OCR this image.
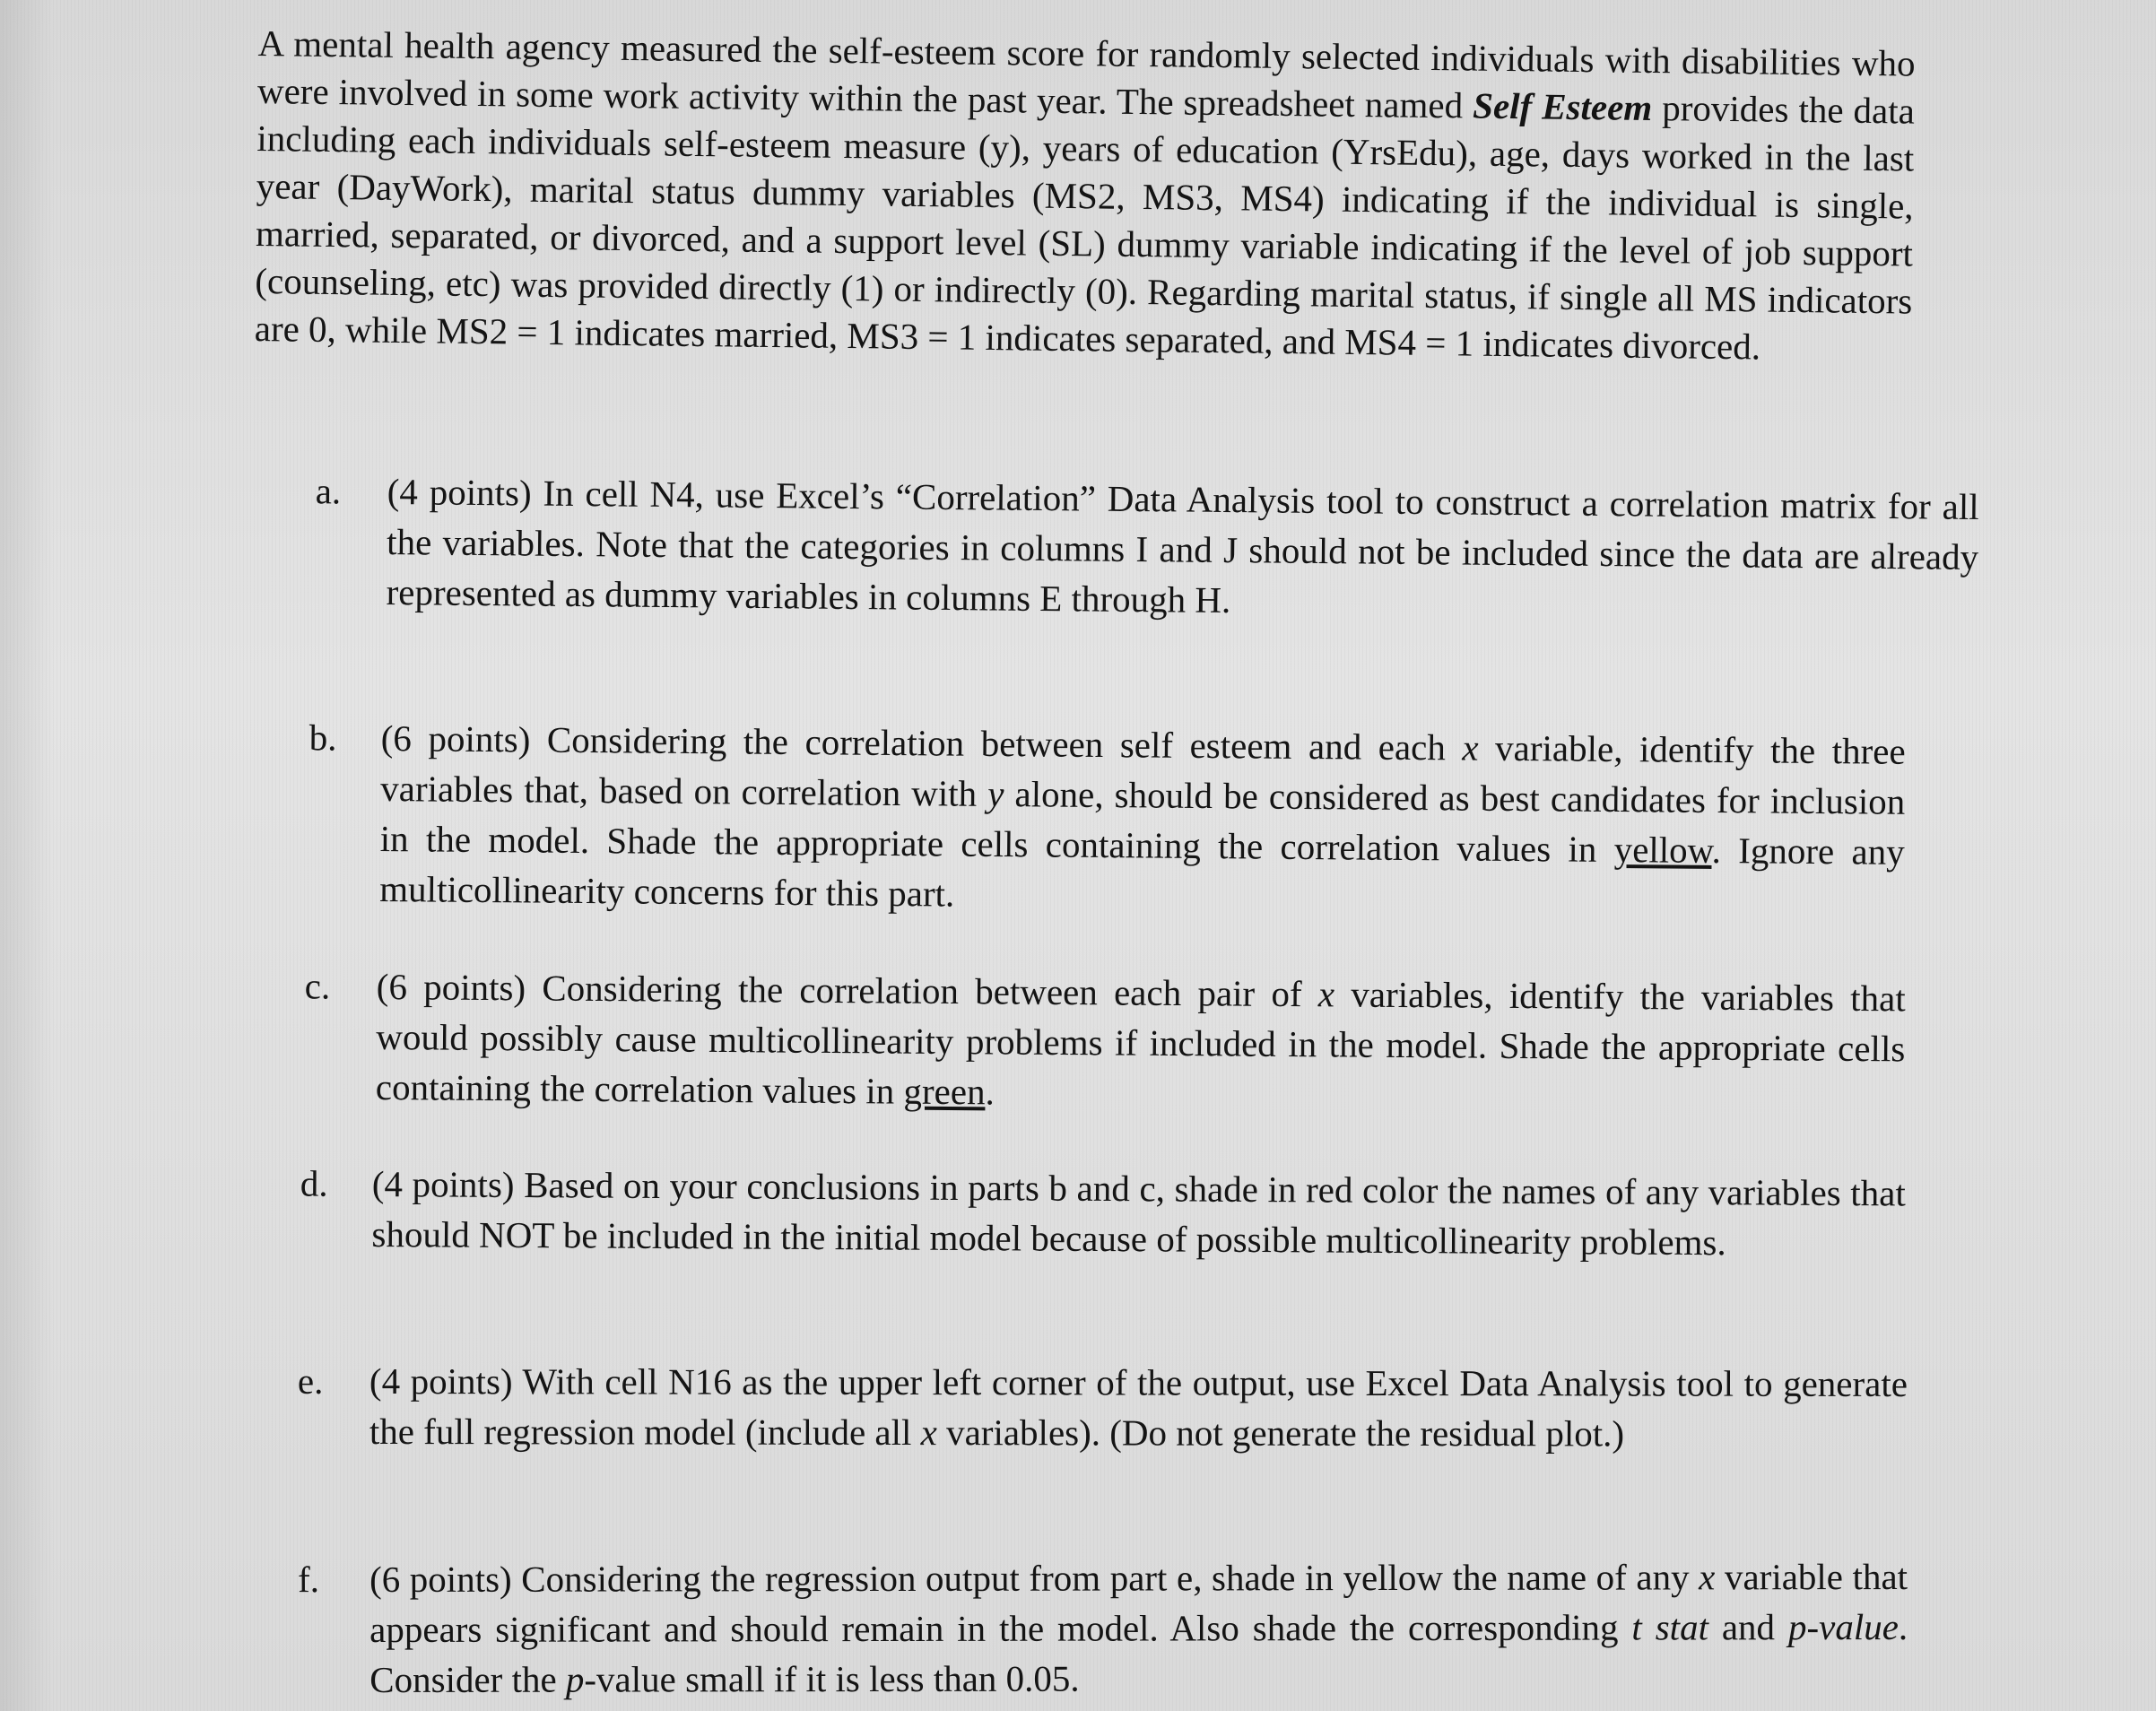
A mental health agency measured the self-esteem score for randomly selected individuals with disabilities who were involved in some work activity within the past year. The spreadsheet named Self Esteem provides the data including each individuals self-esteem measure (y), years of education (YrsEdu), age, days worked in the last year (DayWork), marital status dummy variables (MS2, MS3, MS4) indicating if the individual is single, married, separated, or divorced, and a support level (SL) dummy variable indicating if the level of job support (counseling, etc) was provided directly (1) or indirectly (0). Regarding marital status, if single all MS indicators are 0, while MS2 = 1 indicates married, MS3 = 1 indicates separated, and MS4 = 1 indicates divorced.
a.	(4 points) In cell N4, use Excel’s “Correlation” Data Analysis tool to construct a correlation matrix for all the variables. Note that the categories in columns I and J should not be included since the data are already represented as dummy variables in columns E through H.
b.	(6 points) Considering the correlation between self esteem and each x variable, identify the three variables that, based on correlation with y alone, should be considered as best candidates for inclusion in the model. Shade the appropriate cells containing the correlation values in yellow. Ignore any multicollinearity concerns for this part.
c.	(6 points) Considering the correlation between each pair of x variables, identify the variables that would possibly cause multicollinearity problems if included in the model. Shade the appropriate cells containing the correlation values in green.
d.	(4 points) Based on your conclusions in parts b and c, shade in red color the names of any variables that should NOT be included in the initial model because of possible multicollinearity problems.
e.	(4 points) With cell N16 as the upper left corner of the output, use Excel Data Analysis tool to generate the full regression model (include all x variables). (Do not generate the residual plot.)
f.	(6 points) Considering the regression output from part e, shade in yellow the name of any x variable that appears significant and should remain in the model. Also shade the corresponding t stat and p-value. Consider the p-value small if it is less than 0.05.
